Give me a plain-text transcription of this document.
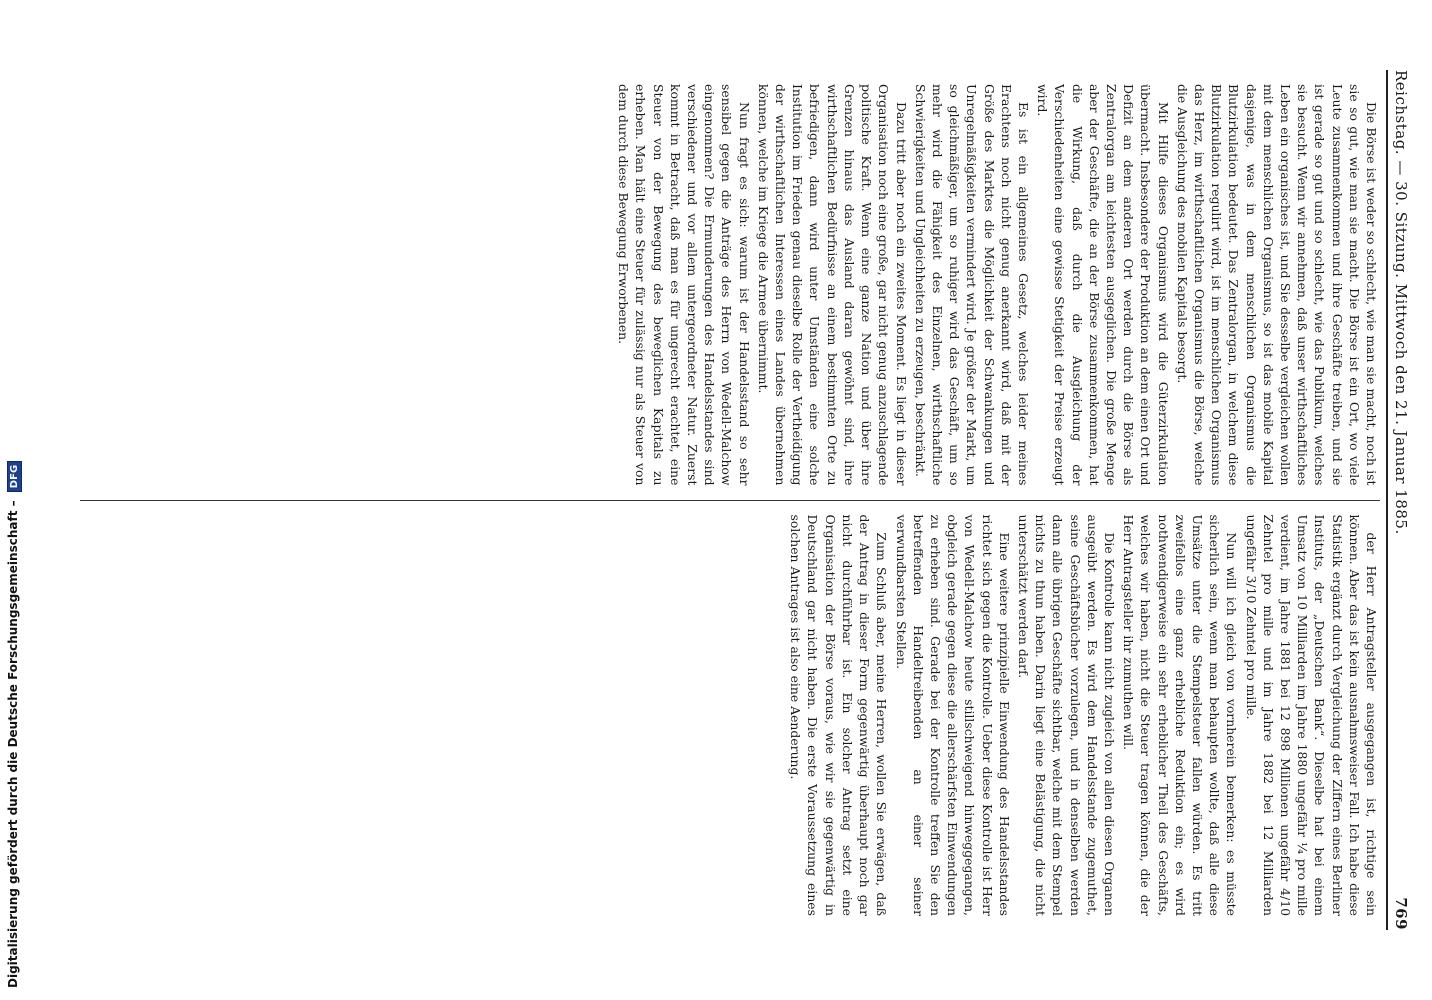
Digitalisierung gefördert durch die Deutsche Forschungsgemeinschaft – DFG	Reichstag. — 30. Sitzung. Mittwoch den 21. Januar 1885.
769

Die Börse ist weder so schlecht, wie man sie macht, noch ist sie so gut, wie man sie macht. Die Börse ist ein Ort, wo viele Leute zusammenkommen und ihre Geschäfte treiben, und sie ist gerade so gut und so schlecht, wie das Publikum, welches sie besucht. Wenn wir annehmen, daß unser wirthschaftliches Leben ein organisches ist, und Sie desselbe vergleichen wollen mit dem menschlichen Organismus, so ist das mobile Kapital dasjenige, was in dem menschlichen Organismus die Blutzirkulation bedeutet. Das Zentralorgan, in welchem diese Blutzirkulation regulirt wird, ist im menschlichen Organismus das Herz, im wirthschaftlichen Organismus die Börse, welche die Ausgleichung des mobilen Kapitals besorgt.

Mit Hilfe dieses Organismus wird die Güterzirkulation übermacht. Insbesondere der Produktion an dem einen Ort und Defizit an dem anderen Ort werden durch die Börse als Zentralorgan am leichtesten ausgeglichen. Die große Menge aber der Geschäfte, die an der Börse zusammenkommen, hat die Wirkung, daß durch die Ausgleichung der Verschiedenheiten eine gewisse Stetigkeit der Preise erzeugt wird.

Es ist ein allgemeines Gesetz, welches leider meines Erachtens noch nicht genug anerkannt wird, daß mit der Größe des Marktes die Möglichkeit der Schwankungen und Unregelmäßigkeiten vermindert wird. Je größer der Markt, um so gleichmäßiger, um so ruhiger wird das Geschäft, um so mehr wird die Fähigkeit des Einzelnen, wirthschaftliche Schwierigkeiten und Ungleichheiten zu erzeugen, beschränkt.

Dazu tritt aber noch ein zweites Moment. Es liegt in dieser Organisation noch eine große, gar nicht genug anzuschlagende politische Kraft. Wenn eine ganze Nation und über ihre Grenzen hinaus das Ausland daran gewöhnt sind, ihre wirthschaftlichen Bedürfnisse an einem bestimmten Orte zu befriedigen, dann wird unter Umständen eine solche Institution im Frieden genau dieselbe Rolle der Vertheidigung der wirthschaftlichen Interessen eines Landes übernehmen können, welche im Kriege die Armee übernimmt.

Nun fragt es sich: warum ist der Handelsstand so sehr sensibel gegen die Anträge des Herrn von Wedell-Malchow eingenommen? Die Ermunderungen des Handelsstandes sind verschiedener und vor allem untergeordneter Natur. Zuerst kommt in Betracht, daß man es für ungerecht erachtet, eine Steuer von der Bewegung des beweglichen Kapitals zu erheben. Man hält eine Steuer für zulässig nur als Steuer von dem durch diese Bewegung Erworbenen.

der Herr Antragsteller ausgegangen ist, richtige sein können. Aber das ist kein ausnahmsweiser Fall. Ich habe diese Statistik ergänzt durch Vergleichung der Ziffern eines Berliner Instituts, der „Deutschen Bank“. Dieselbe hat bei einem Umsatz von 10 Milliarden im Jahre 1880 ungefähr ¼ pro mille verdient, im Jahre 1881 bei 12 898 Millionen ungefähr 4/10 Zehntel pro mille und im Jahre 1882 bei 12 Milliarden ungefähr 3/10 Zehntel pro mille.

Nun will ich gleich von vornherein bemerken: es müsste sicherlich sein, wenn man behaupten wollte, daß alle diese Umsätze unter die Stempelsteuer fallen würden. Es tritt zweifellos eine ganz erhebliche Reduktion ein; es wird nothwendigerweise ein sehr erheblicher Theil des Geschäfts, welches wir haben, nicht die Steuer tragen können, die der Herr Antragsteller ihr zumuthen will.

Die Kontrolle kann nicht zugleich von allen diesen Organen ausgeübt werden. Es wird dem Handelsstande zugemuthet, seine Geschäftsbücher vorzulegen, und in denselben werden dann alle übrigen Geschäfte sichtbar, welche mit dem Stempel nichts zu thun haben. Darin liegt eine Belästigung, die nicht unterschätzt werden darf.

Eine weitere prinzipielle Einwendung des Handelsstandes richtet sich gegen die Kontrolle. Ueber diese Kontrolle ist Herr von Wedell-Malchow heute stillschweigend hinweggegangen, obgleich gerade gegen diese die allerschärfsten Einwendungen zu erheben sind. Gerade bei der Kontrolle treffen Sie den betreffenden Handeltreibenden an einer seiner verwundbarsten Stellen.

Zum Schluß aber, meine Herren, wollen Sie erwägen, daß der Antrag in dieser Form gegenwärtig überhaupt noch gar nicht durchführbar ist. Ein solcher Antrag setzt eine Organisation der Börse voraus, wie wir sie gegenwärtig in Deutschland gar nicht haben. Die erste Voraussetzung eines solchen Antrages ist also eine Aenderung.
